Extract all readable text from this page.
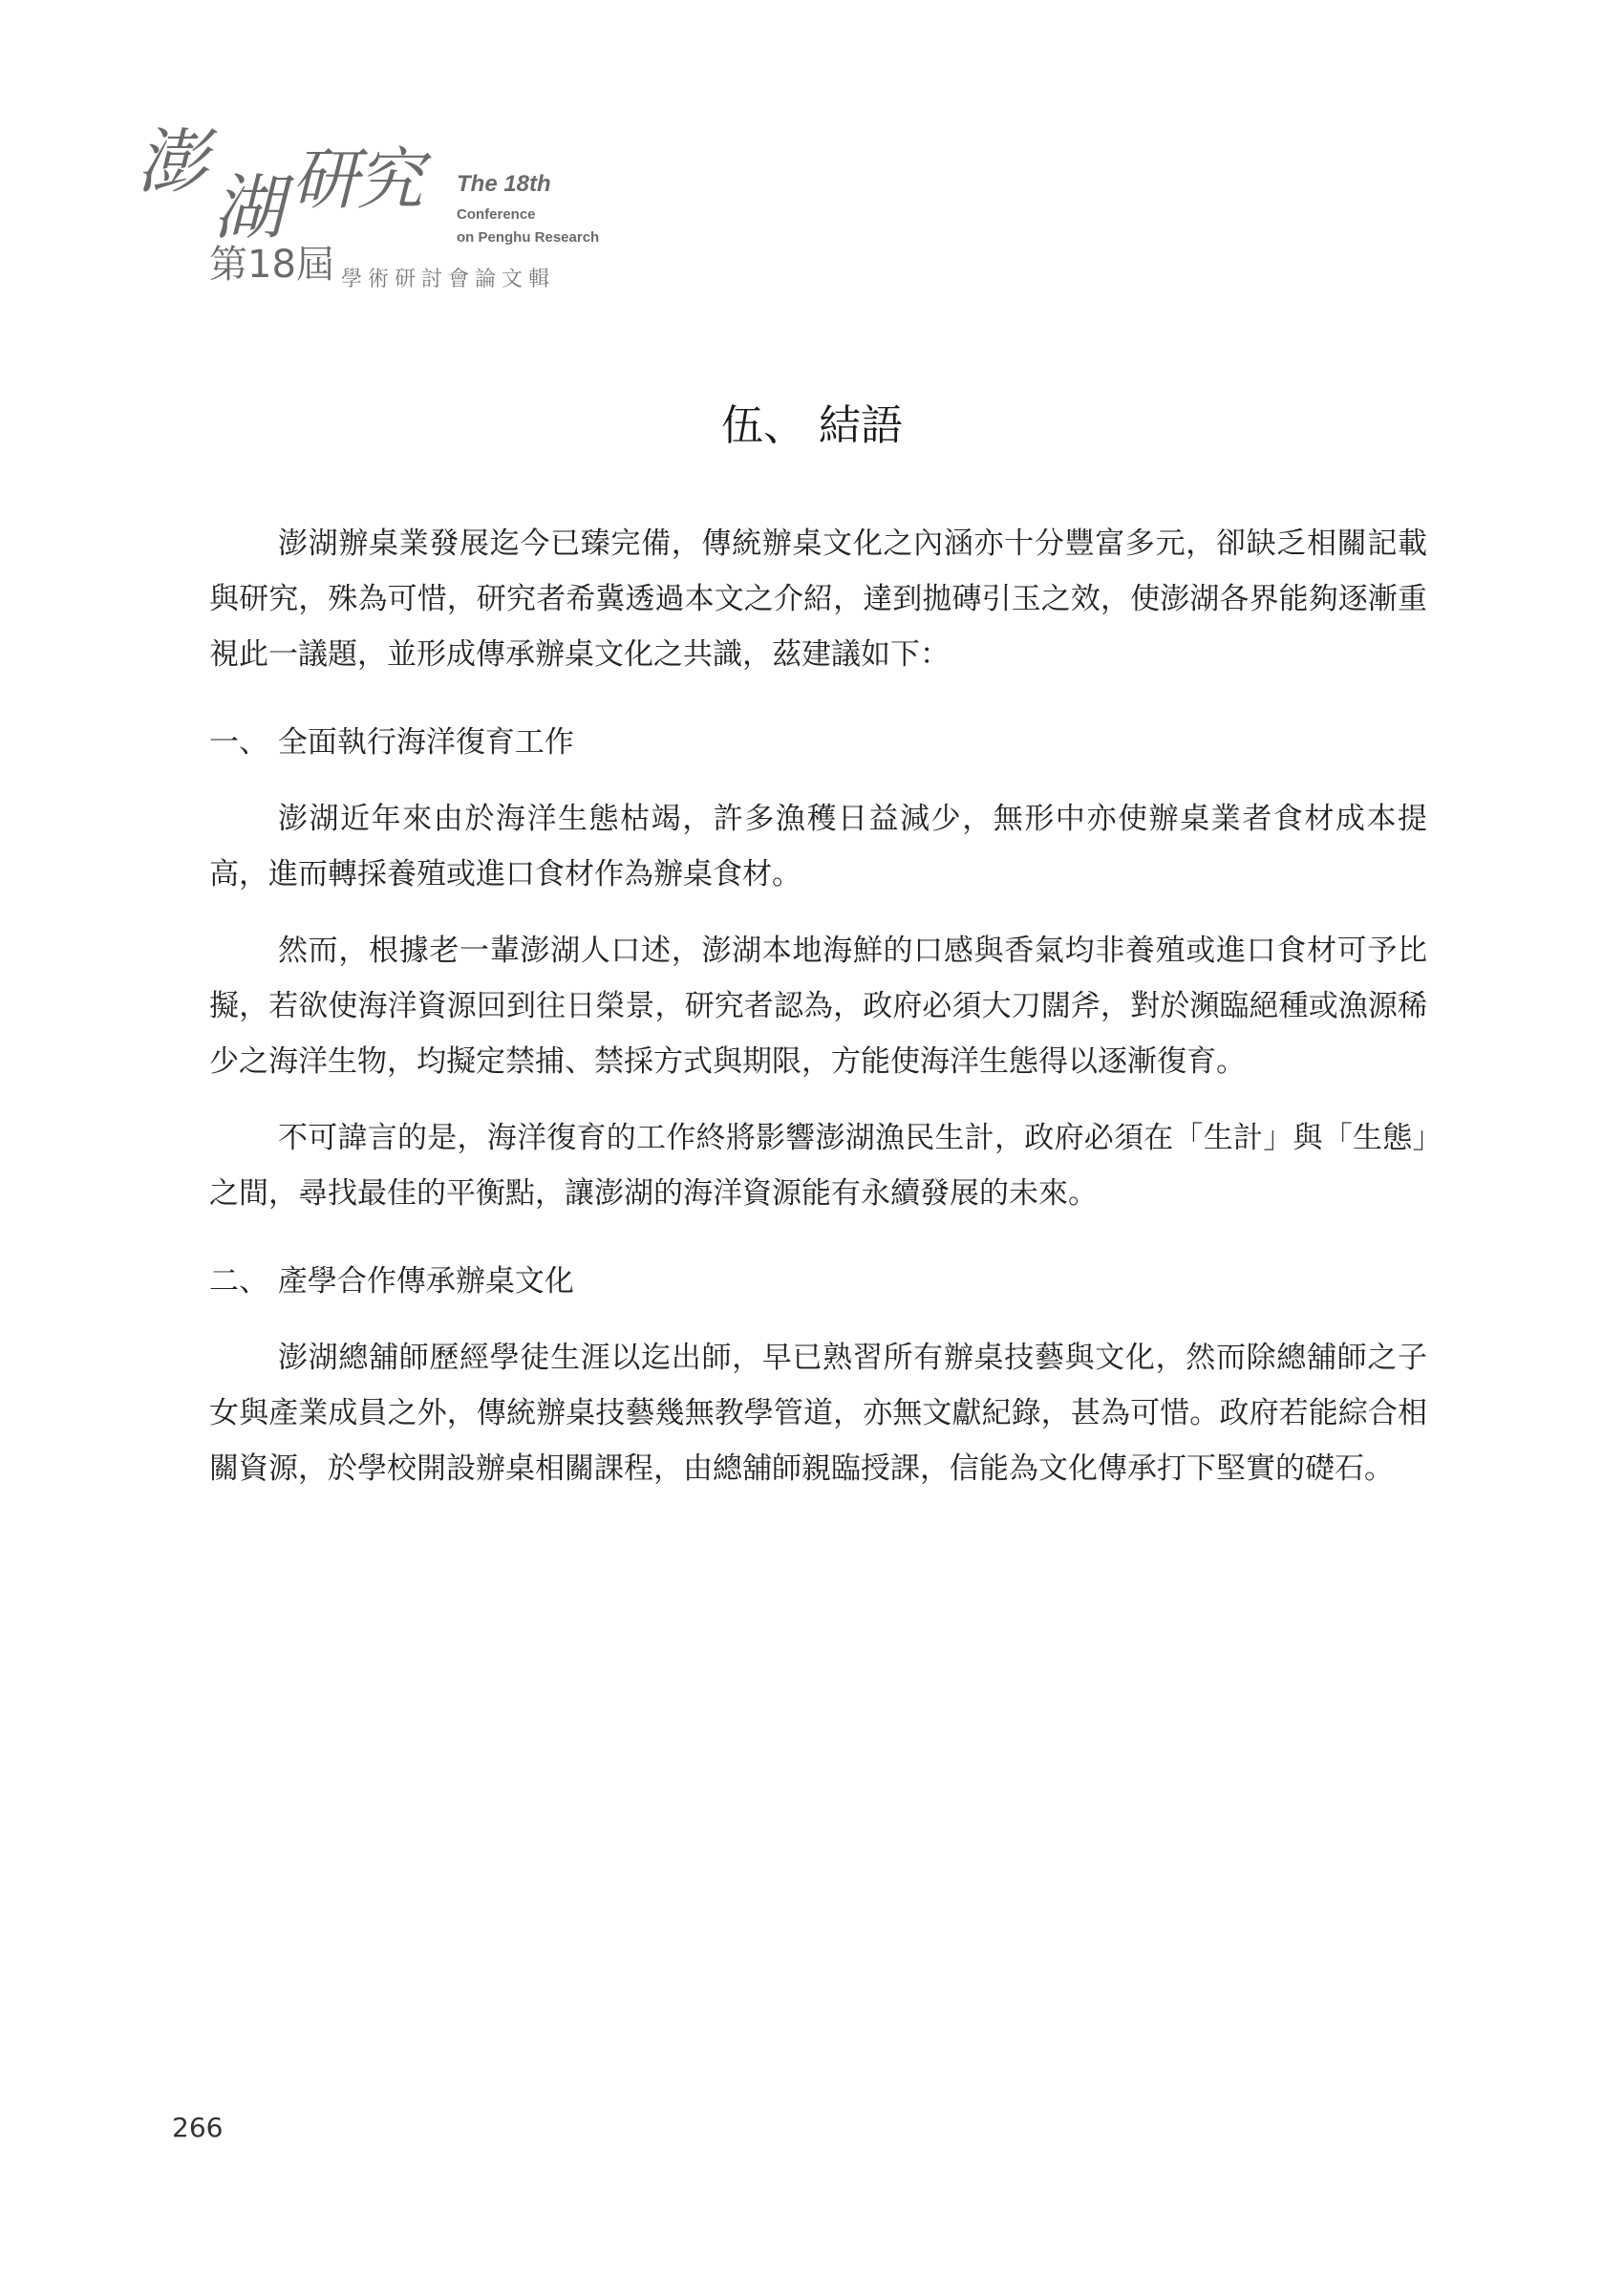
澎
湖 研究 The 18th
Conference
on Penghu Research
第18屆 學術研討會論文輯
伍、 結語

澎湖辦桌業發展迄今已臻完備，傳統辦桌文化之內涵亦十分豐富多元，卻缺乏相關記載與研究，殊為可惜，研究者希冀透過本文之介紹，達到拋磚引玉之效，使澎湖各界能夠逐漸重視此一議題，並形成傳承辦桌文化之共識，茲建議如下：

一、 全面執行海洋復育工作

澎湖近年來由於海洋生態枯竭，許多漁穫日益減少，無形中亦使辦桌業者食材成本提高，進而轉採養殖或進口食材作為辦桌食材。

然而，根據老一輩澎湖人口述，澎湖本地海鮮的口感與香氣均非養殖或進口食材可予比擬，若欲使海洋資源回到往日榮景，研究者認為，政府必須大刀闊斧，對於瀕臨絕種或漁源稀少之海洋生物，均擬定禁捕、禁採方式與期限，方能使海洋生態得以逐漸復育。

不可諱言的是，海洋復育的工作終將影響澎湖漁民生計，政府必須在「生計」與「生態」之間，尋找最佳的平衡點，讓澎湖的海洋資源能有永續發展的未來。

二、 產學合作傳承辦桌文化

澎湖總舖師歷經學徒生涯以迄出師，早已熟習所有辦桌技藝與文化，然而除總舖師之子女與產業成員之外，傳統辦桌技藝幾無教學管道，亦無文獻紀錄，甚為可惜。政府若能綜合相關資源，於學校開設辦桌相關課程，由總舖師親臨授課，信能為文化傳承打下堅實的礎石。

266
